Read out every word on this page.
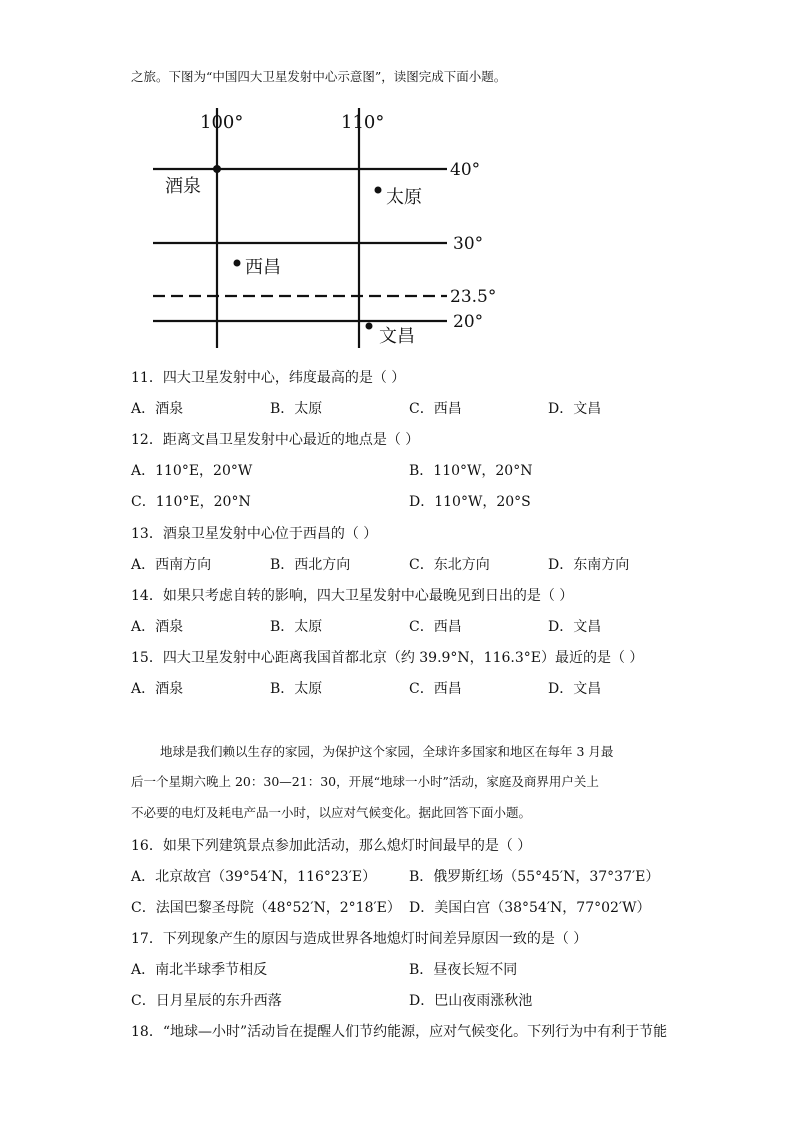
之旅。下图为“中国四大卫星发射中心示意图”，读图完成下面小题。
100°	110°
40°
30°
23.5°
20°
酒泉
太原
西昌
文昌
11．四大卫星发射中心，纬度最高的是（ ）
A．酒泉	B．太原	C．西昌	D．文昌
12．距离文昌卫星发射中心最近的地点是（ ）
A．110°E，20°W	B．110°W，20°N
C．110°E，20°N	D．110°W，20°S
13．酒泉卫星发射中心位于西昌的（ ）
A．西南方向	B．西北方向	C．东北方向	D．东南方向
14．如果只考虑自转的影响，四大卫星发射中心最晚见到日出的是（ ）
A．酒泉	B．太原	C．西昌	D．文昌
15．四大卫星发射中心距离我国首都北京（约 39.9°N，116.3°E）最近的是（ ）
A．酒泉	B．太原	C．西昌	D．文昌
地球是我们赖以生存的家园，为保护这个家园，全球许多国家和地区在每年 3 月最
后一个星期六晚上 20：30—21：30，开展“地球一小时”活动，家庭及商界用户关上
不必要的电灯及耗电产品一小时，以应对气候变化。据此回答下面小题。
16．如果下列建筑景点参加此活动，那么熄灯时间最早的是（ ）
A．北京故宫（39°54′N，116°23′E） B．俄罗斯红场（55°45′N，37°37′E）
C．法国巴黎圣母院（48°52′N，2°18′E） D．美国白宫（38°54′N，77°02′W）
17．下列现象产生的原因与造成世界各地熄灯时间差异原因一致的是（ ）
A．南北半球季节相反	B．昼夜长短不同
C．日月星辰的东升西落	D．巴山夜雨涨秋池
18．“地球—小时”活动旨在提醒人们节约能源，应对气候变化。下列行为中有利于节能
